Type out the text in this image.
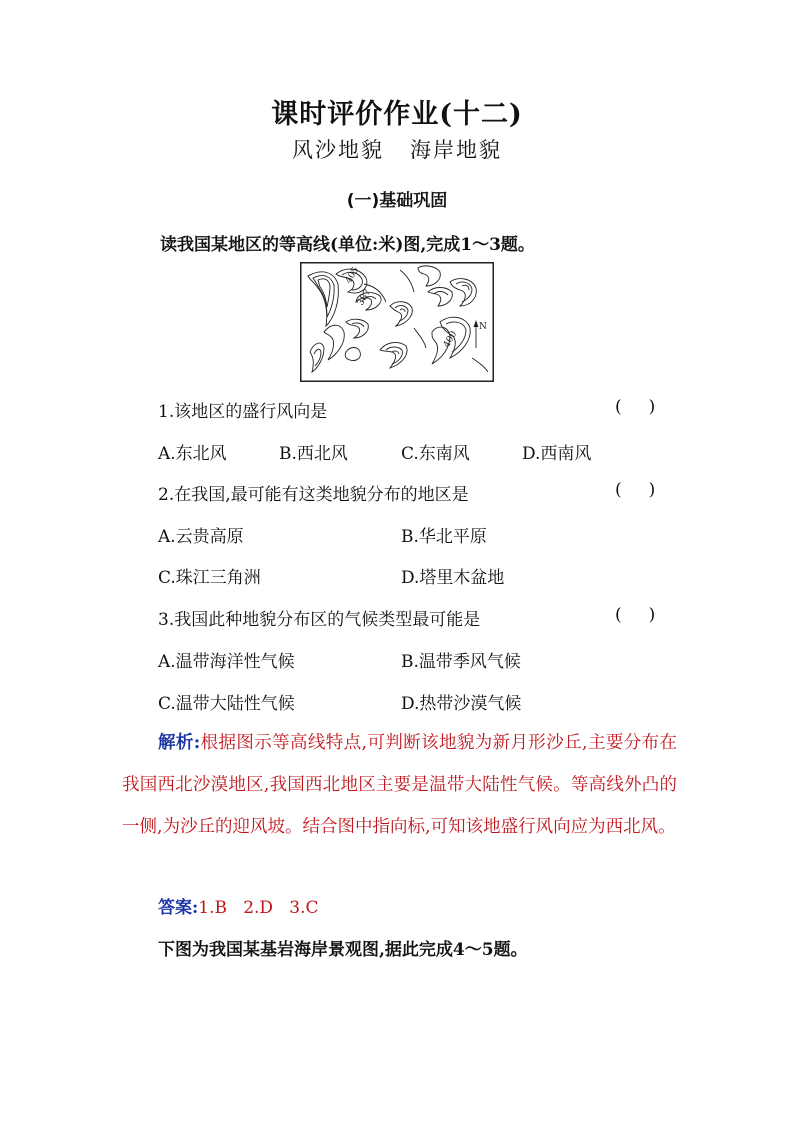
课时评价作业(十二)
风沙地貌   海岸地貌
(一)基础巩固
读我国某地区的等高线(单位:米)图,完成1～3题。
405
387
400
N
1.该地区的盛行风向是	(     )
A.东北风	B.西北风	C.东南风	D.西南风
2.在我国,最可能有这类地貌分布的地区是	(     )
A.云贵高原	B.华北平原
C.珠江三角洲	D.塔里木盆地
3.我国此种地貌分布区的气候类型最可能是	(     )
A.温带海洋性气候	B.温带季风气候
C.温带大陆性气候	D.热带沙漠气候

解析:根据图示等高线特点,可判断该地貌为新月形沙丘,主要分布在我国西北沙漠地区,我国西北地区主要是温带大陆性气候。等高线外凸的一侧,为沙丘的迎风坡。结合图中指向标,可知该地盛行风向应为西北风。

答案:1.B   2.D   3.C
下图为我国某基岩海岸景观图,据此完成4～5题。
